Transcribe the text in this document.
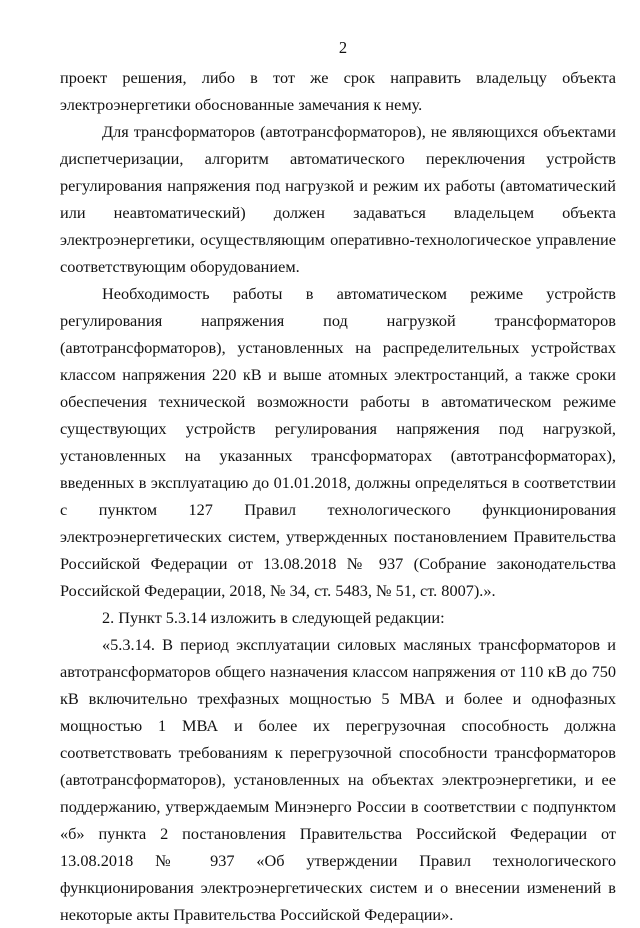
2

проект решения, либо в тот же срок направить владельцу объекта электроэнергетики обоснованные замечания к нему.

Для трансформаторов (автотрансформаторов), не являющихся объектами диспетчеризации, алгоритм автоматического переключения устройств регулирования напряжения под нагрузкой и режим их работы (автоматический или неавтоматический) должен задаваться владельцем объекта электроэнергетики, осуществляющим оперативно-технологическое управление соответствующим оборудованием.

Необходимость работы в автоматическом режиме устройств регулирования напряжения под нагрузкой трансформаторов (автотрансформаторов), установленных на распределительных устройствах классом напряжения 220 кВ и выше атомных электростанций, а также сроки обеспечения технической возможности работы в автоматическом режиме существующих устройств регулирования напряжения под нагрузкой, установленных на указанных трансформаторах (автотрансформаторах), введенных в эксплуатацию до 01.01.2018, должны определяться в соответствии с пунктом 127 Правил технологического функционирования электроэнергетических систем, утвержденных постановлением Правительства Российской Федерации от 13.08.2018 № 937 (Собрание законодательства Российской Федерации, 2018, № 34, ст. 5483, № 51, ст. 8007).».

2. Пункт 5.3.14 изложить в следующей редакции:

«5.3.14. В период эксплуатации силовых масляных трансформаторов и автотрансформаторов общего назначения классом напряжения от 110 кВ до 750 кВ включительно трехфазных мощностью 5 МВА и более и однофазных мощностью 1 МВА и более их перегрузочная способность должна соответствовать требованиям к перегрузочной способности трансформаторов (автотрансформаторов), установленных на объектах электроэнергетики, и ее поддержанию, утверждаемым Минэнерго России в соответствии с подпунктом «б» пункта 2 постановления Правительства Российской Федерации от 13.08.2018 № 937 «Об утверждении Правил технологического функционирования электроэнергетических систем и о внесении изменений в некоторые акты Правительства Российской Федерации».
